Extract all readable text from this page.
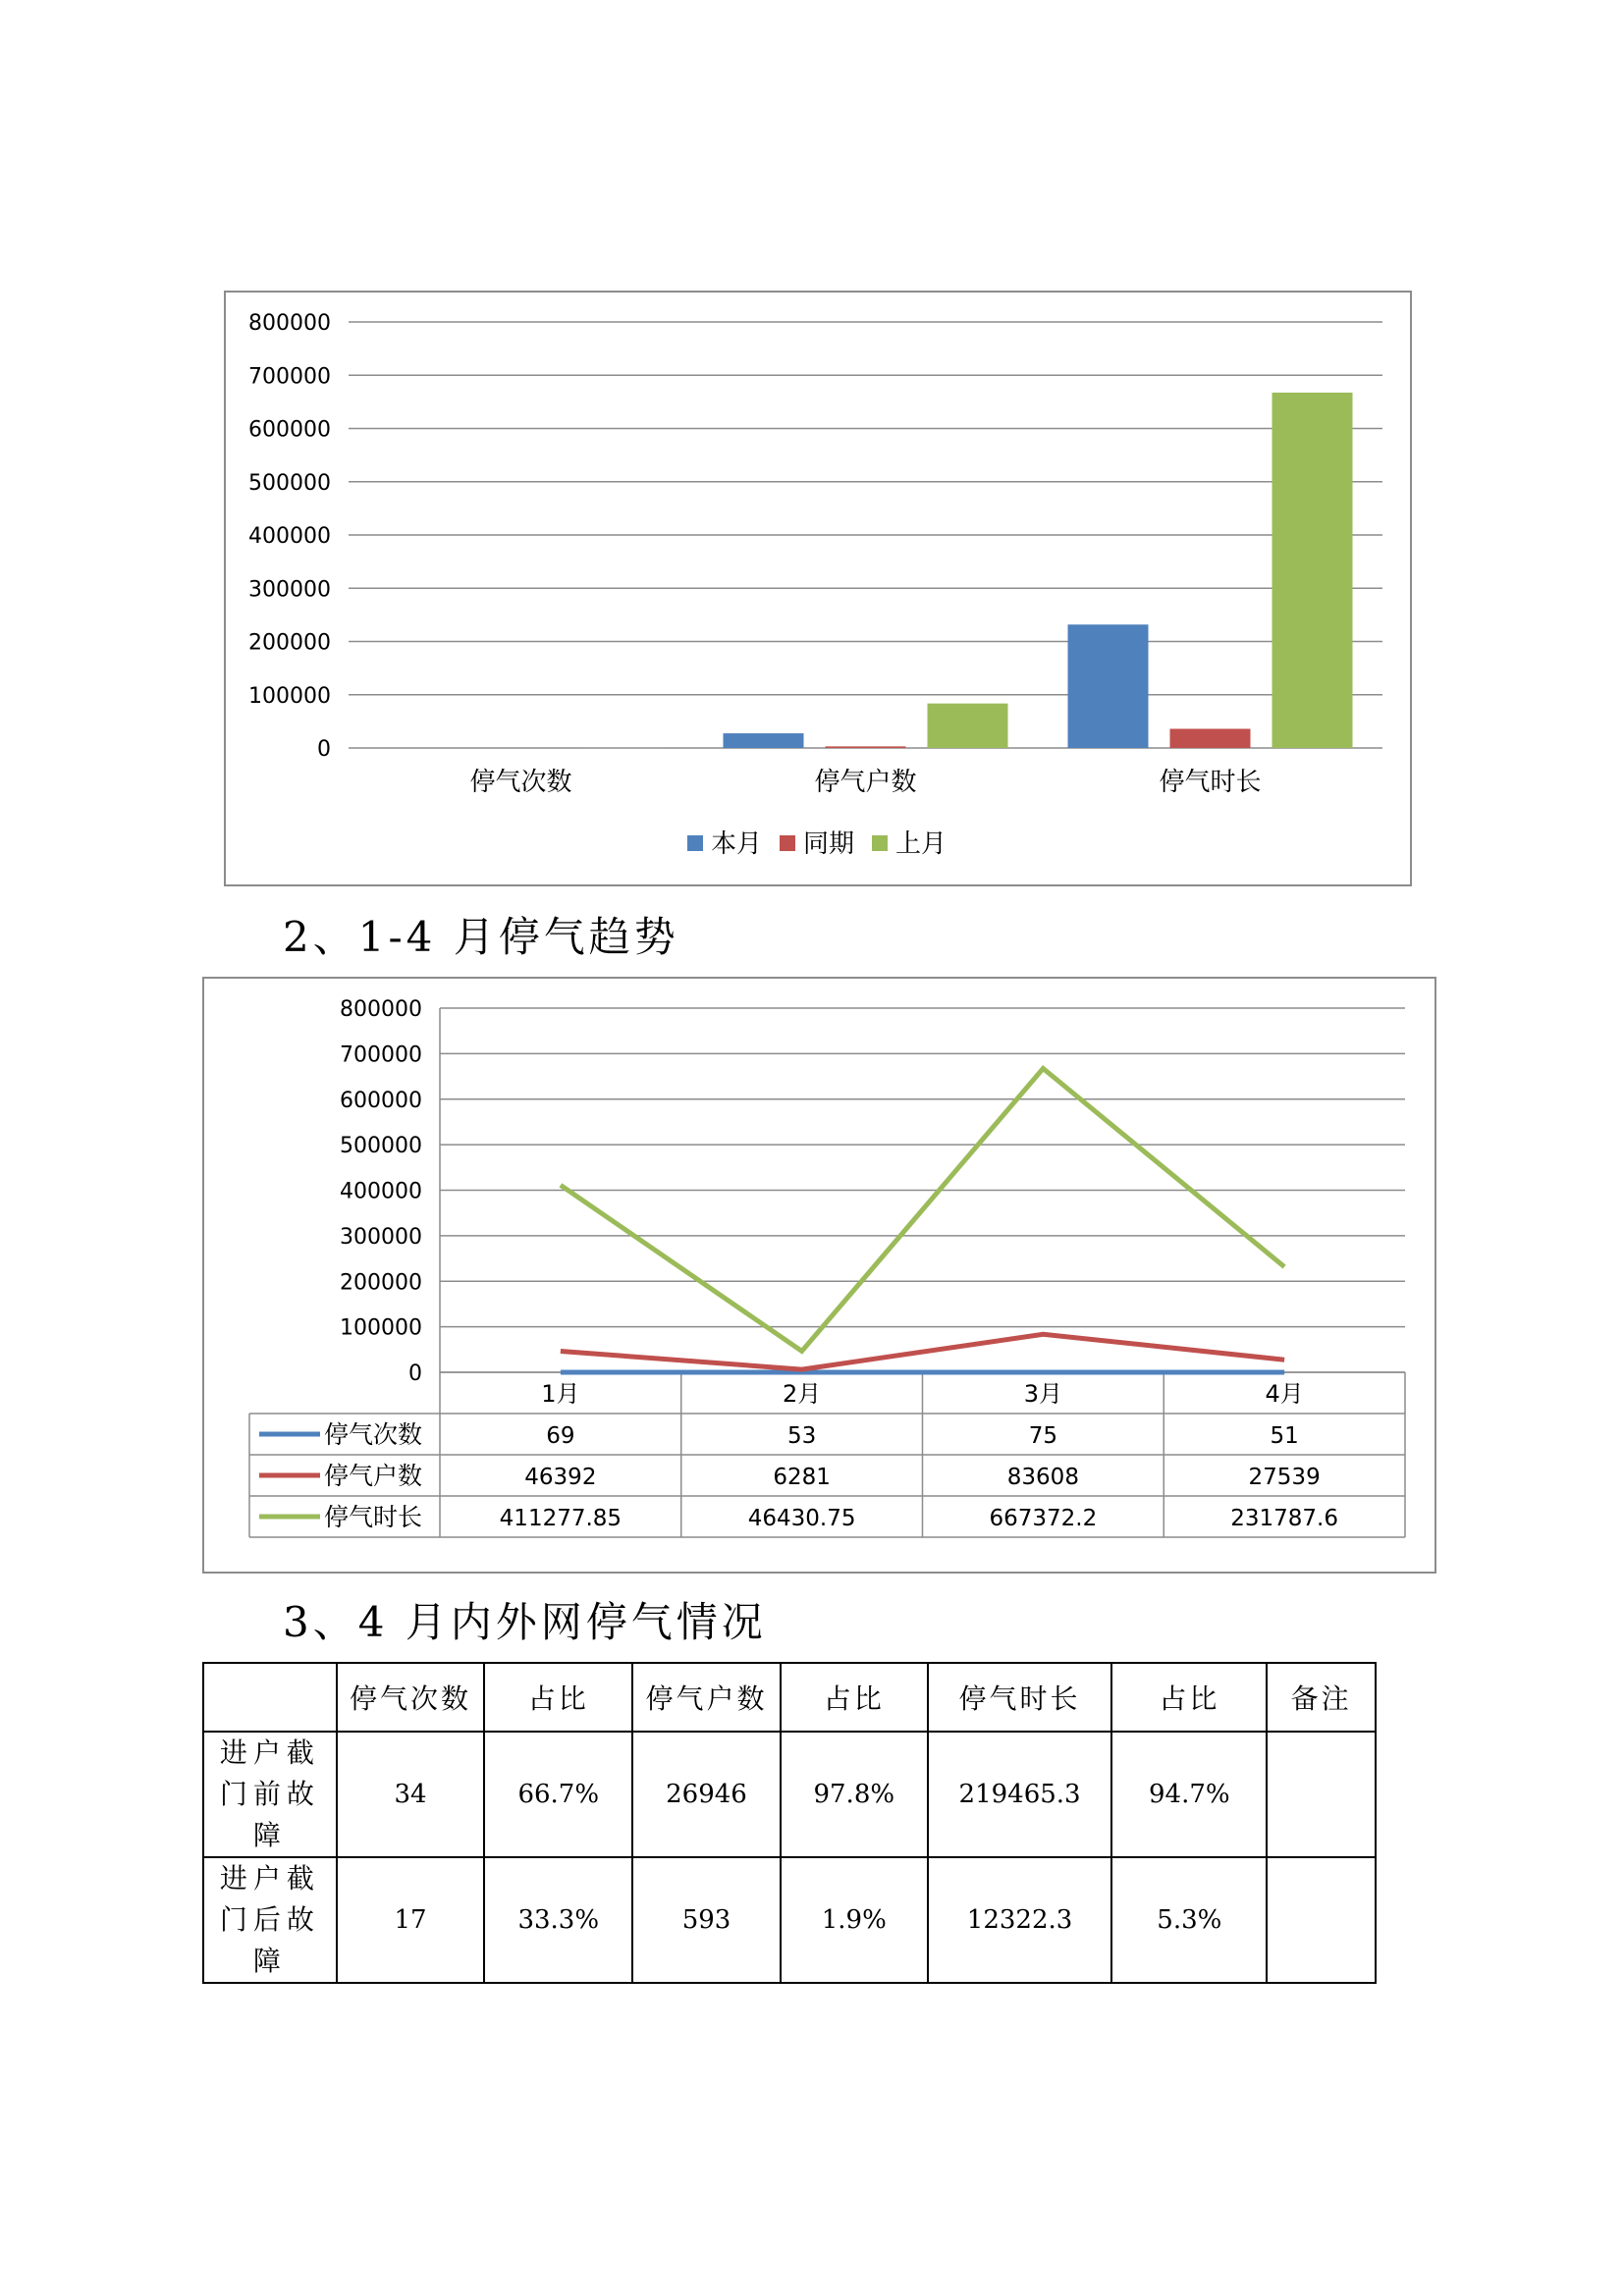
800000
700000
600000
500000
400000
300000
200000
100000
0
停气次数	停气户数	停气时长
本月 同期 上月
2、1-4 月停气趋势
800000
700000
600000
500000
400000
300000
200000
100000
0
1月	2月	3月	4月
停气次数	69	53	75	51
停气户数	46392	6281	83608	27539
停气时长	411277.85	46430.75	667372.2	231787.6
3、4 月内外网停气情况
	停气次数	占比	停气户数	占比	停气时长	占比	备注
进户截门前故障	34	66.7%	26946	97.8%	219465.3	94.7%	
进户截门后故障	17	33.3%	593	1.9%	12322.3	5.3%	
